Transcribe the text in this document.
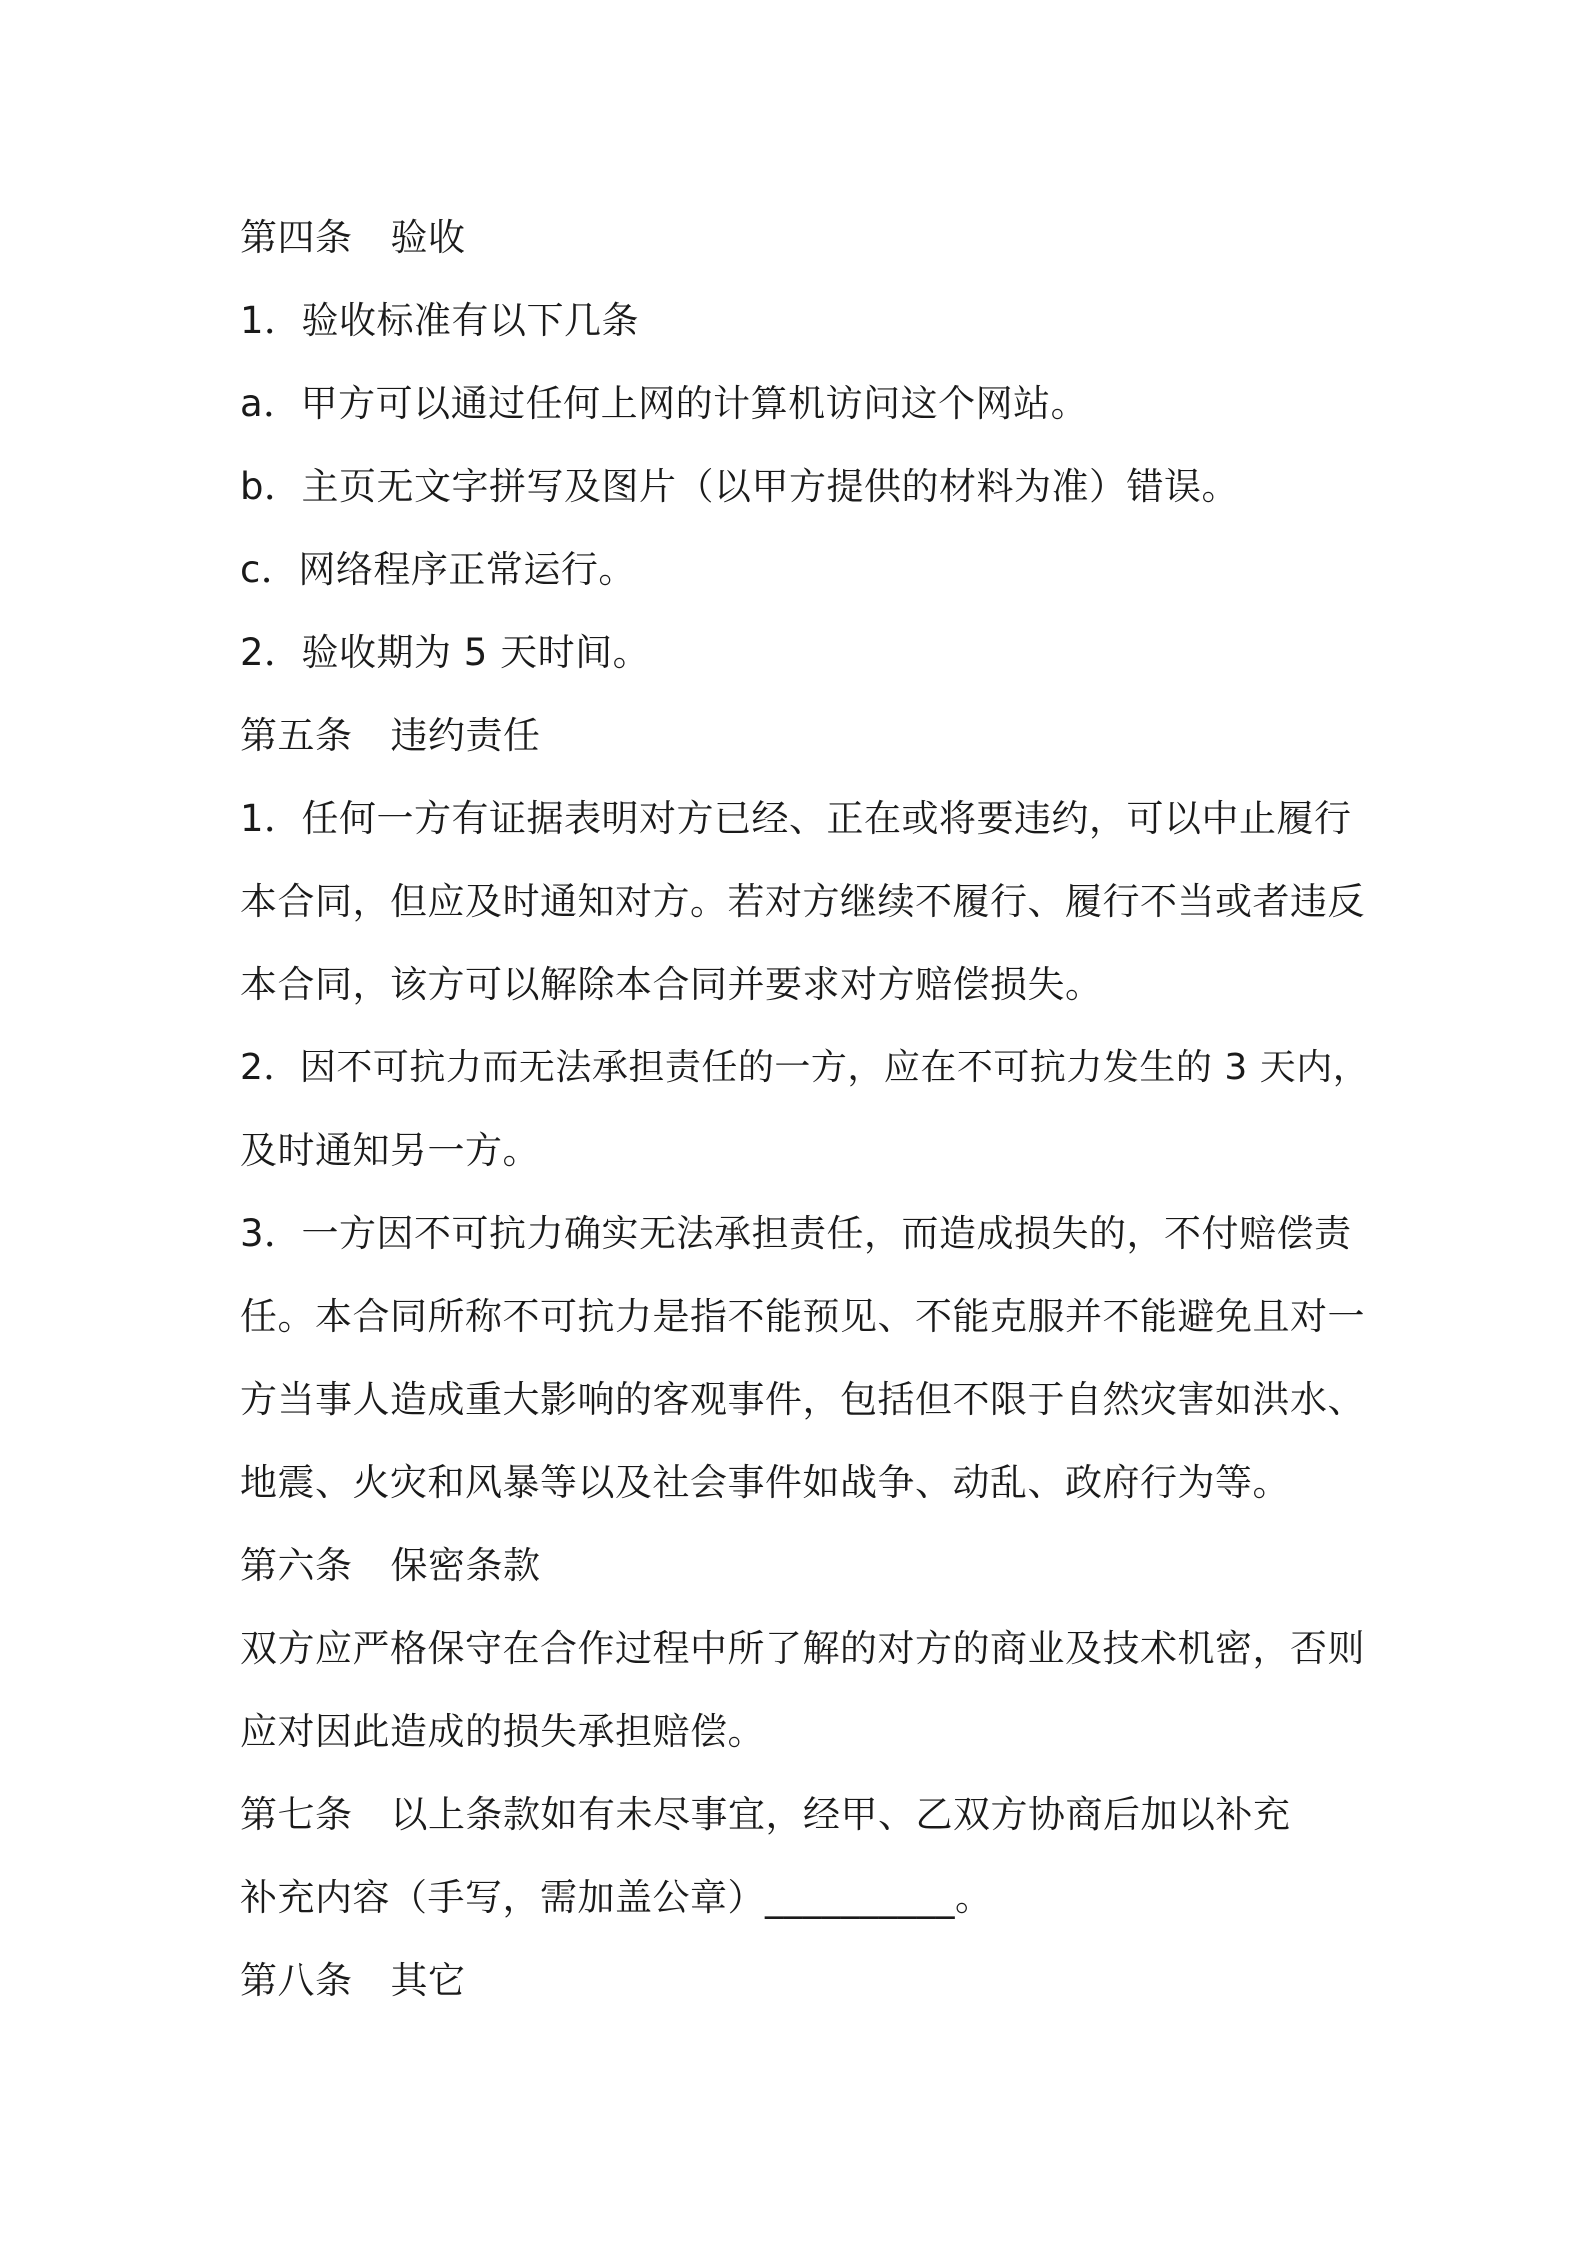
第四条 验收
1．验收标准有以下几条
a．甲方可以通过任何上网的计算机访问这个网站。
b．主页无文字拼写及图片（以甲方提供的材料为准）错误。
c．网络程序正常运行。
2．验收期为 5 天时间。
第五条 违约责任
1．任何一方有证据表明对方已经、正在或将要违约，可以中止履行
本合同，但应及时通知对方。若对方继续不履行、履行不当或者违反
本合同，该方可以解除本合同并要求对方赔偿损失。
2．因不可抗力而无法承担责任的一方，应在不可抗力发生的 3 天内，
及时通知另一方。
3．一方因不可抗力确实无法承担责任，而造成损失的，不付赔偿责
任。本合同所称不可抗力是指不能预见、不能克服并不能避免且对一
方当事人造成重大影响的客观事件，包括但不限于自然灾害如洪水、
地震、火灾和风暴等以及社会事件如战争、动乱、政府行为等。
第六条 保密条款
双方应严格保守在合作过程中所了解的对方的商业及技术机密，否则
应对因此造成的损失承担赔偿。
第七条 以上条款如有未尽事宜，经甲、乙双方协商后加以补充
补充内容（手写，需加盖公章）__________。
第八条 其它
